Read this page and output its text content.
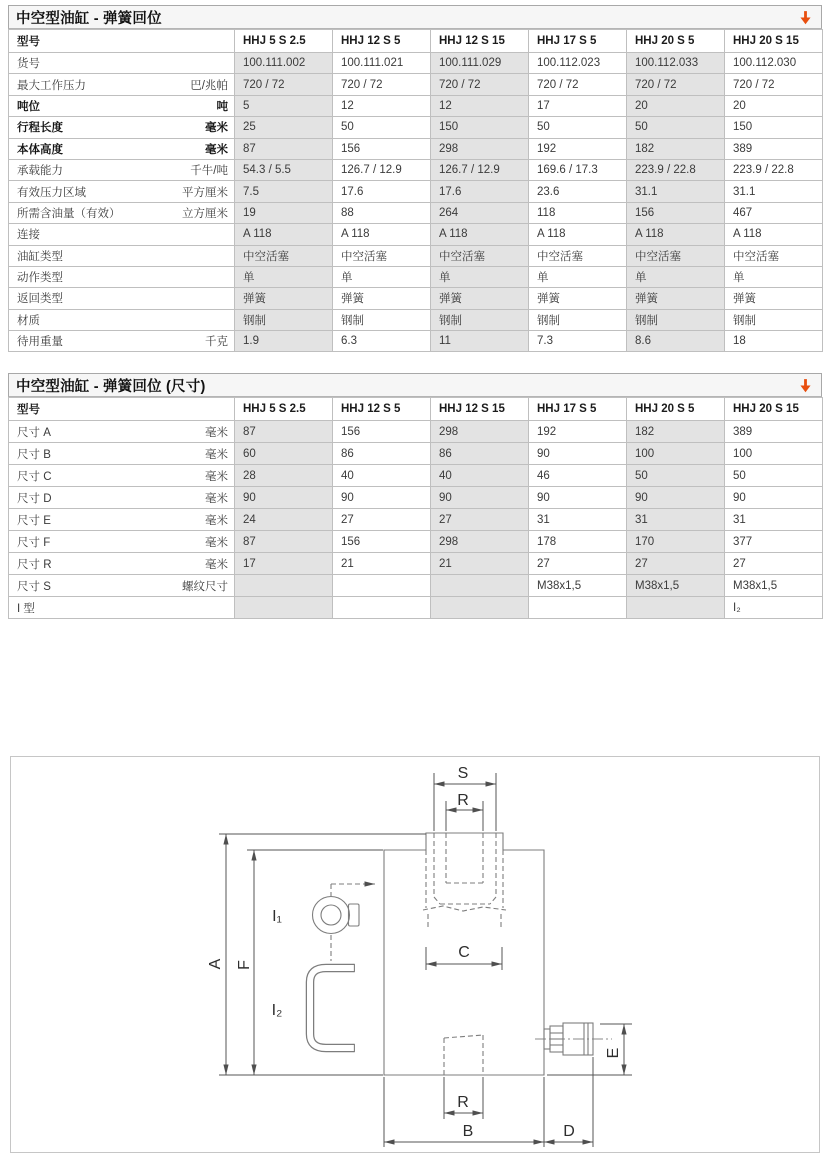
中空型油缸 - 弹簧回位
型号	HHJ 5 S 2.5	HHJ 12 S 5	HHJ 12 S 15	HHJ 17 S 5	HHJ 20 S 5	HHJ 20 S 15
货号	100.111.002	100.111.021	100.111.029	100.112.023	100.112.033	100.112.030
最大工作压力 巴/兆帕	720 / 72	720 / 72	720 / 72	720 / 72	720 / 72	720 / 72
吨位 吨	5	12	12	17	20	20
行程长度 毫米	25	50	150	50	50	150
本体高度 毫米	87	156	298	192	182	389
承载能力 千牛/吨	54.3 / 5.5	126.7 / 12.9	126.7 / 12.9	169.6 / 17.3	223.9 / 22.8	223.9 / 22.8
有效压力区域 平方厘米	7.5	17.6	17.6	23.6	31.1	31.1
所需含油量（有效） 立方厘米	19	88	264	118	156	467
连接	A 118	A 118	A 118	A 118	A 118	A 118
油缸类型	中空活塞	中空活塞	中空活塞	中空活塞	中空活塞	中空活塞
动作类型	单	单	单	单	单	单
返回类型	弹簧	弹簧	弹簧	弹簧	弹簧	弹簧
材质	钢制	钢制	钢制	钢制	钢制	钢制
待用重量 千克	1.9	6.3	11	7.3	8.6	18
中空型油缸 - 弹簧回位 (尺寸)
型号	HHJ 5 S 2.5	HHJ 12 S 5	HHJ 12 S 15	HHJ 17 S 5	HHJ 20 S 5	HHJ 20 S 15
尺寸 A 毫米	87	156	298	192	182	389
尺寸 B 毫米	60	86	86	90	100	100
尺寸 C 毫米	28	40	40	46	50	50
尺寸 D 毫米	90	90	90	90	90	90
尺寸 E 毫米	24	27	27	31	31	31
尺寸 F 毫米	87	156	298	178	170	377
尺寸 R 毫米	17	21	21	27	27	27
尺寸 S 螺纹尺寸				M38x1,5	M38x1,5	M38x1,5
I 型						I₂
S
R
C
A F
I₁
I₂
E
R
B	D
